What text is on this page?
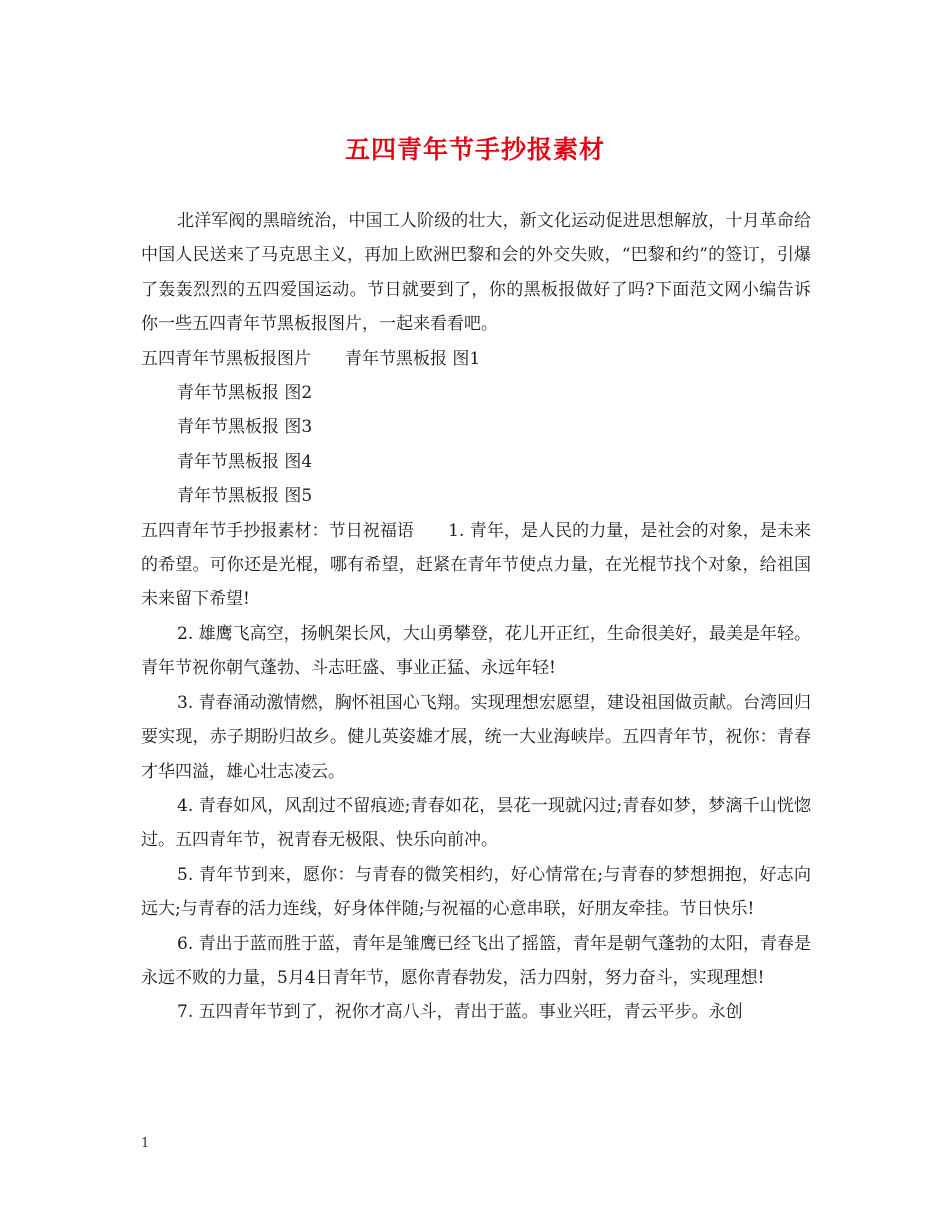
五四青年节手抄报素材

北洋军阀的黑暗统治，中国工人阶级的壮大，新文化运动促进思想解放，十月革命给中国人民送来了马克思主义，再加上欧洲巴黎和会的外交失败，“巴黎和约”的签订，引爆了轰轰烈烈的五四爱国运动。节日就要到了，你的黑板报做好了吗?下面范文网小编告诉你一些五四青年节黑板报图片，一起来看看吧。

五四青年节黑板报图片　　青年节黑板报 图1

青年节黑板报 图2

青年节黑板报 图3

青年节黑板报 图4

青年节黑板报 图5

五四青年节手抄报素材：节日祝福语　　1. 青年，是人民的力量，是社会的对象，是未来的希望。可你还是光棍，哪有希望，赶紧在青年节使点力量，在光棍节找个对象，给祖国未来留下希望!

2. 雄鹰飞高空，扬帆架长风，大山勇攀登，花儿开正红，生命很美好，最美是年轻。青年节祝你朝气蓬勃、斗志旺盛、事业正猛、永远年轻!

3. 青春涌动激情燃，胸怀祖国心飞翔。实现理想宏愿望，建设祖国做贡献。台湾回归要实现，赤子期盼归故乡。健儿英姿雄才展，统一大业海峡岸。五四青年节，祝你：青春才华四溢，雄心壮志凌云。

4. 青春如风，风刮过不留痕迹;青春如花，昙花一现就闪过;青春如梦，梦漓千山恍惚过。五四青年节，祝青春无极限、快乐向前冲。

5. 青年节到来，愿你：与青春的微笑相约，好心情常在;与青春的梦想拥抱，好志向远大;与青春的活力连线，好身体伴随;与祝福的心意串联，好朋友牵挂。节日快乐!

6. 青出于蓝而胜于蓝，青年是雏鹰已经飞出了摇篮，青年是朝气蓬勃的太阳，青春是永远不败的力量，5月4日青年节，愿你青春勃发，活力四射，努力奋斗，实现理想!

7. 五四青年节到了，祝你才高八斗，青出于蓝。事业兴旺，青云平步。永创

1
